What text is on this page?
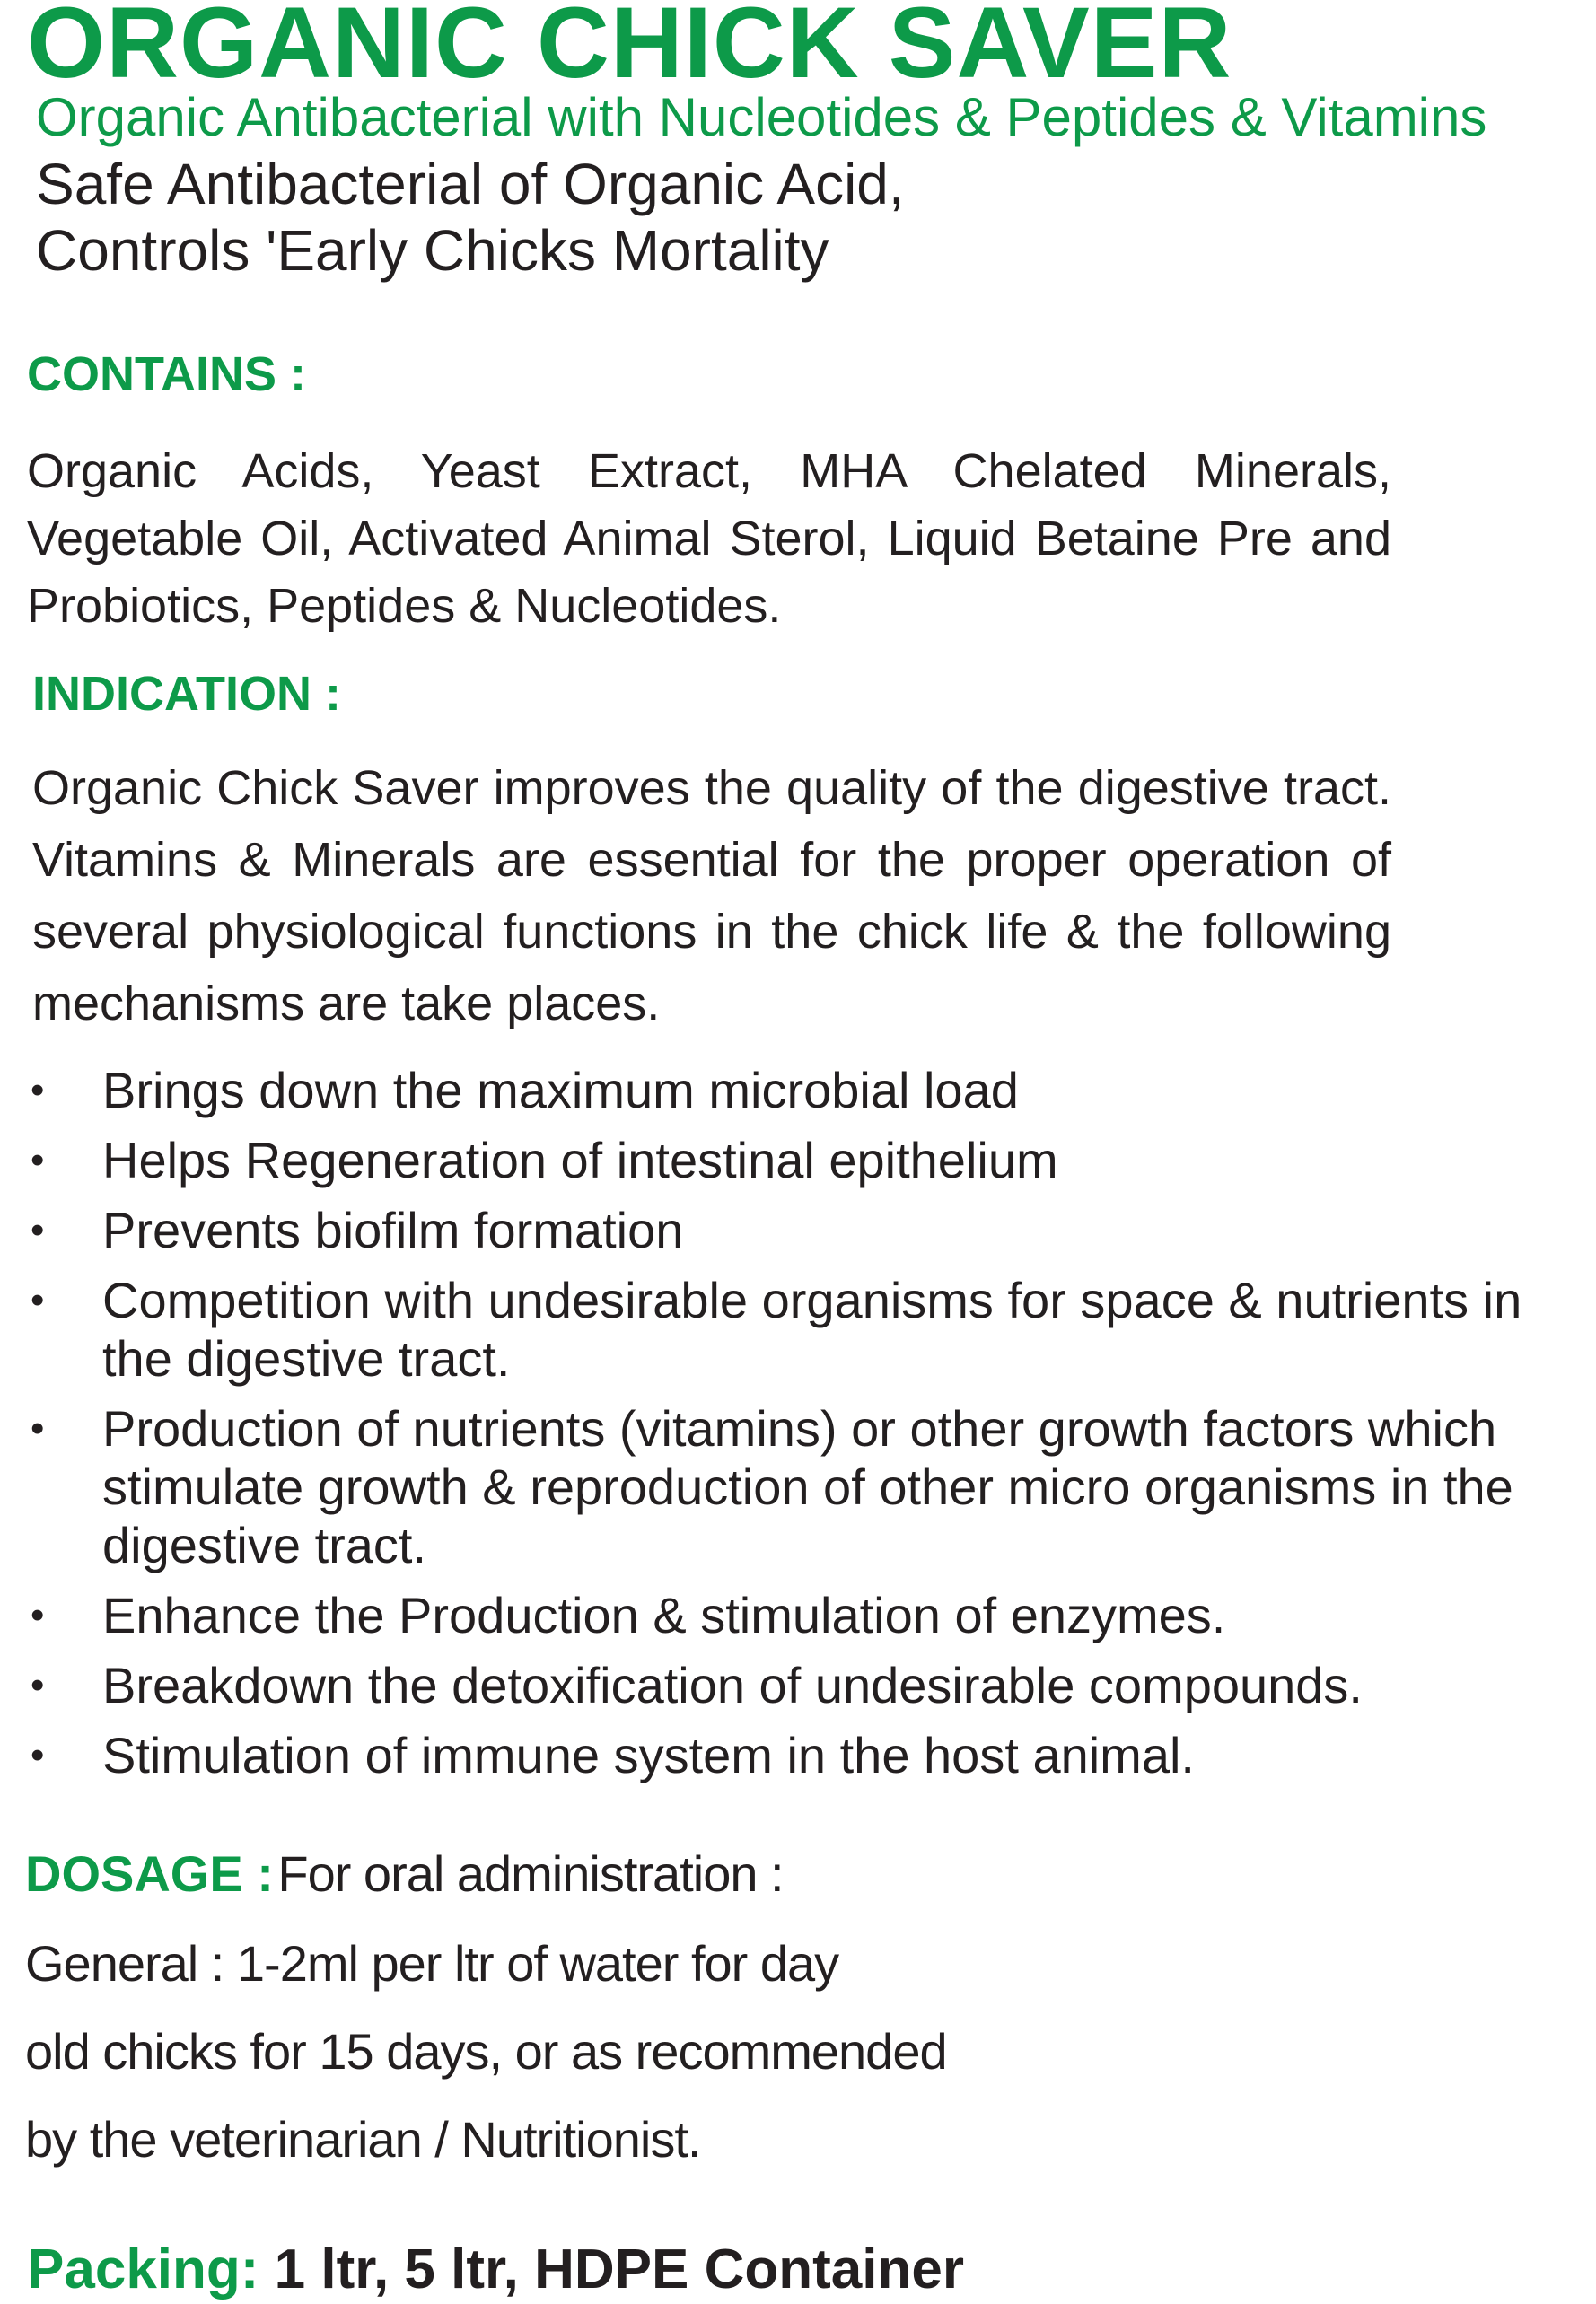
ORGANIC CHICK SAVER
Organic Antibacterial with Nucleotides & Peptides & Vitamins
Safe Antibacterial of Organic Acid,
Controls 'Early Chicks Mortality
CONTAINS :
Organic Acids, Yeast Extract, MHA Chelated Minerals, Vegetable Oil, Activated Animal Sterol, Liquid Betaine Pre and Probiotics, Peptides & Nucleotides.
INDICATION :
Organic Chick Saver improves the quality of the digestive tract. Vitamins & Minerals are essential for the proper operation of several physiological functions in the chick life & the following mechanisms are take places.
• Brings down the maximum microbial load
• Helps Regeneration of intestinal epithelium
• Prevents biofilm formation
• Competition with undesirable organisms for space & nutrients in the digestive tract.
• Production of nutrients (vitamins) or other growth factors which stimulate growth & reproduction of other micro organisms in the digestive tract.
• Enhance the Production & stimulation of enzymes.
• Breakdown the detoxification of undesirable compounds.
• Stimulation of immune system in the host animal.
DOSAGE : For oral administration :
General : 1-2ml per ltr of water for day
old chicks for 15 days, or as recommended
by the veterinarian / Nutritionist.
Packing: 1 ltr, 5 ltr, HDPE Container
